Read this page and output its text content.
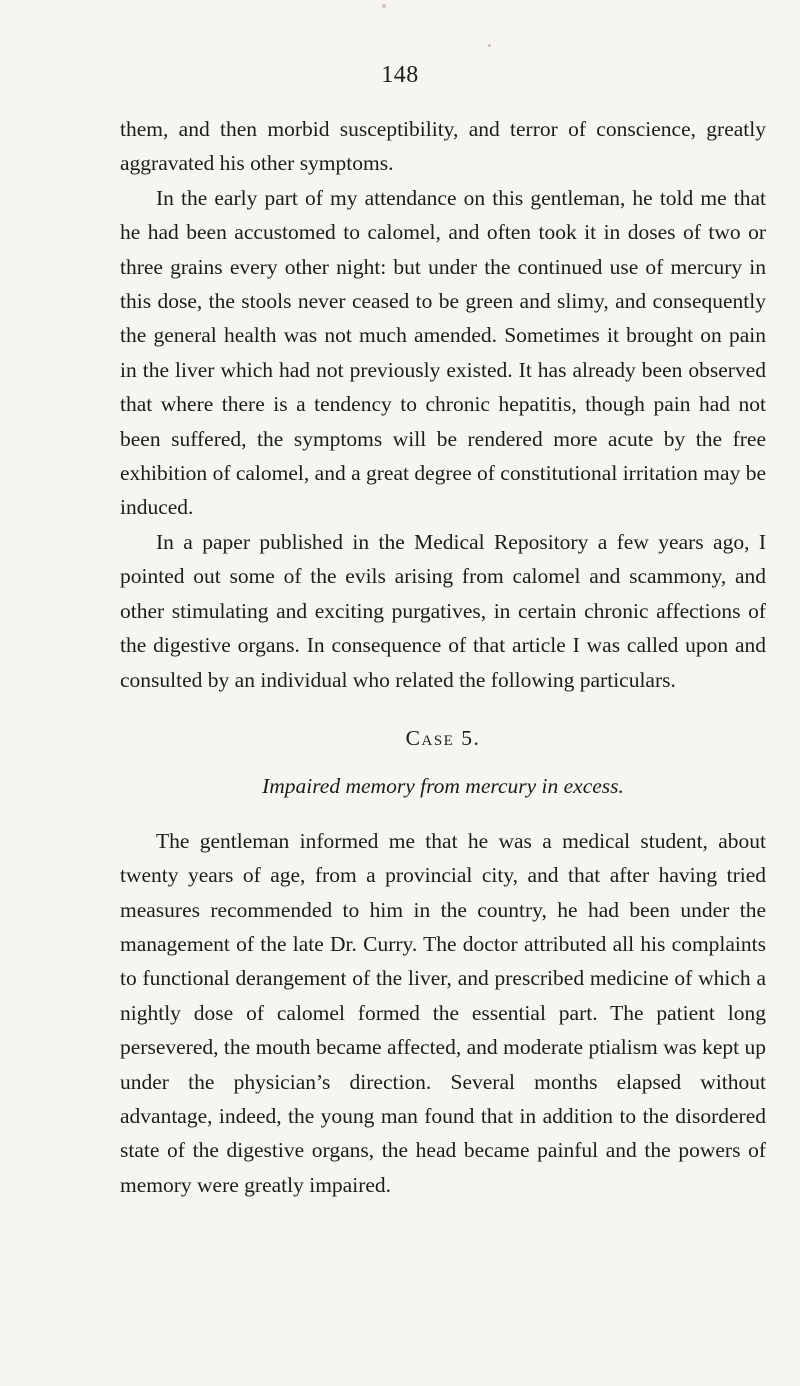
148

them, and then morbid susceptibility, and terror of conscience, greatly aggravated his other symptoms.

In the early part of my attendance on this gentleman, he told me that he had been accustomed to calomel, and often took it in doses of two or three grains every other night: but under the continued use of mercury in this dose, the stools never ceased to be green and slimy, and consequently the general health was not much amended. Sometimes it brought on pain in the liver which had not previously existed. It has already been observed that where there is a tendency to chronic hepatitis, though pain had not been suffered, the symptoms will be rendered more acute by the free exhibition of calomel, and a great degree of constitutional irritation may be induced.

In a paper published in the Medical Repository a few years ago, I pointed out some of the evils arising from calomel and scammony, and other stimulating and exciting purgatives, in certain chronic affections of the digestive organs. In consequence of that article I was called upon and consulted by an individual who related the following particulars.

Case 5.
Impaired memory from mercury in excess.

The gentleman informed me that he was a medical student, about twenty years of age, from a provincial city, and that after having tried measures recommended to him in the country, he had been under the management of the late Dr. Curry. The doctor attributed all his complaints to functional derangement of the liver, and prescribed medicine of which a nightly dose of calomel formed the essential part. The patient long persevered, the mouth became affected, and moderate ptialism was kept up under the physician’s direction. Several months elapsed without advantage, indeed, the young man found that in addition to the disordered state of the digestive organs, the head became painful and the powers of memory were greatly impaired.
